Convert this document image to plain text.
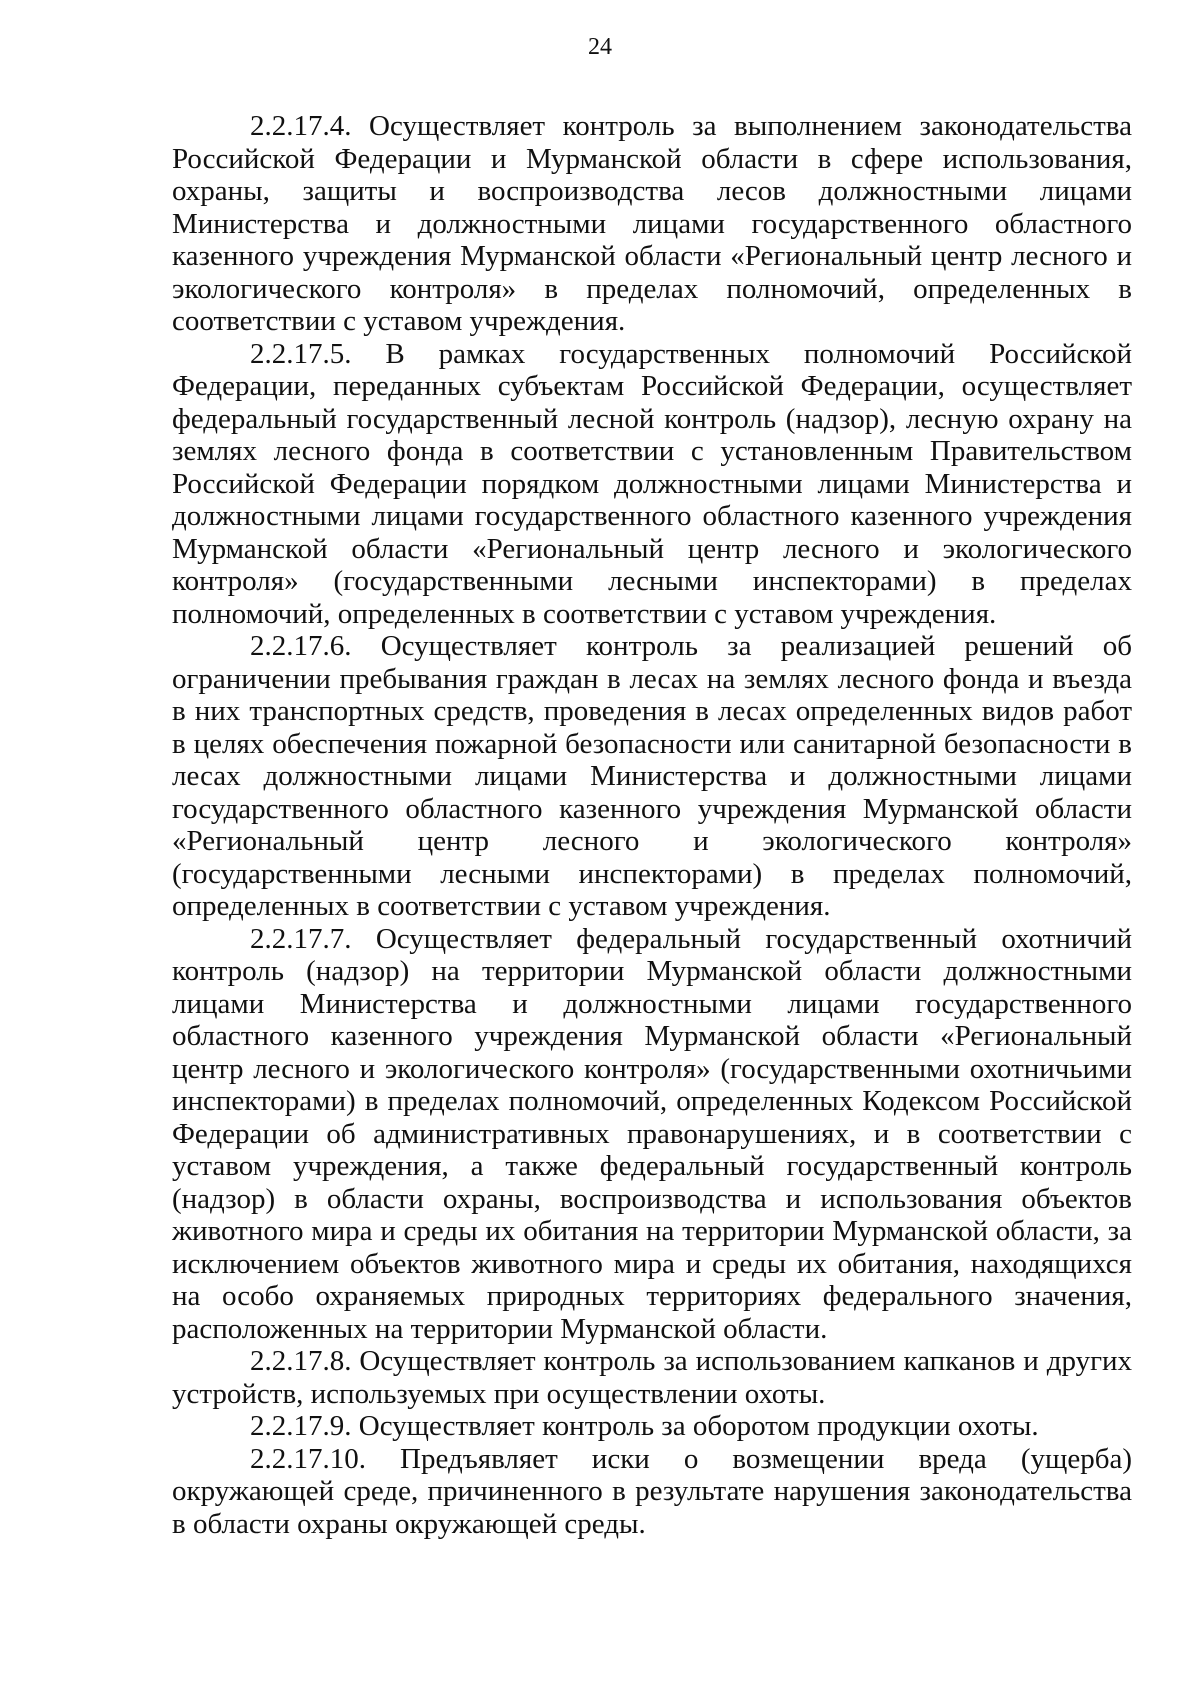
24

2.2.17.4. Осуществляет контроль за выполнением законодательства Российской Федерации и Мурманской области в сфере использования, охраны, защиты и воспроизводства лесов должностными лицами Министерства и должностными лицами государственного областного казенного учреждения Мурманской области «Региональный центр лесного и экологического контроля» в пределах полномочий, определенных в соответствии с уставом учреждения.

2.2.17.5. В рамках государственных полномочий Российской Федерации, переданных субъектам Российской Федерации, осуществляет федеральный государственный лесной контроль (надзор), лесную охрану на землях лесного фонда в соответствии с установленным Правительством Российской Федерации порядком должностными лицами Министерства и должностными лицами государственного областного казенного учреждения Мурманской области «Региональный центр лесного и экологического контроля» (государственными лесными инспекторами) в пределах полномочий, определенных в соответствии с уставом учреждения.

2.2.17.6. Осуществляет контроль за реализацией решений об ограничении пребывания граждан в лесах на землях лесного фонда и въезда в них транспортных средств, проведения в лесах определенных видов работ в целях обеспечения пожарной безопасности или санитарной безопасности в лесах должностными лицами Министерства и должностными лицами государственного областного казенного учреждения Мурманской области «Региональный центр лесного и экологического контроля» (государственными лесными инспекторами) в пределах полномочий, определенных в соответствии с уставом учреждения.

2.2.17.7. Осуществляет федеральный государственный охотничий контроль (надзор) на территории Мурманской области должностными лицами Министерства и должностными лицами государственного областного казенного учреждения Мурманской области «Региональный центр лесного и экологического контроля» (государственными охотничьими инспекторами) в пределах полномочий, определенных Кодексом Российской Федерации об административных правонарушениях, и в соответствии с уставом учреждения, а также федеральный государственный контроль (надзор) в области охраны, воспроизводства и использования объектов животного мира и среды их обитания на территории Мурманской области, за исключением объектов животного мира и среды их обитания, находящихся на особо охраняемых природных территориях федерального значения, расположенных на территории Мурманской области.

2.2.17.8. Осуществляет контроль за использованием капканов и других устройств, используемых при осуществлении охоты.

2.2.17.9. Осуществляет контроль за оборотом продукции охоты.

2.2.17.10. Предъявляет иски о возмещении вреда (ущерба) окружающей среде, причиненного в результате нарушения законодательства в области охраны окружающей среды.
